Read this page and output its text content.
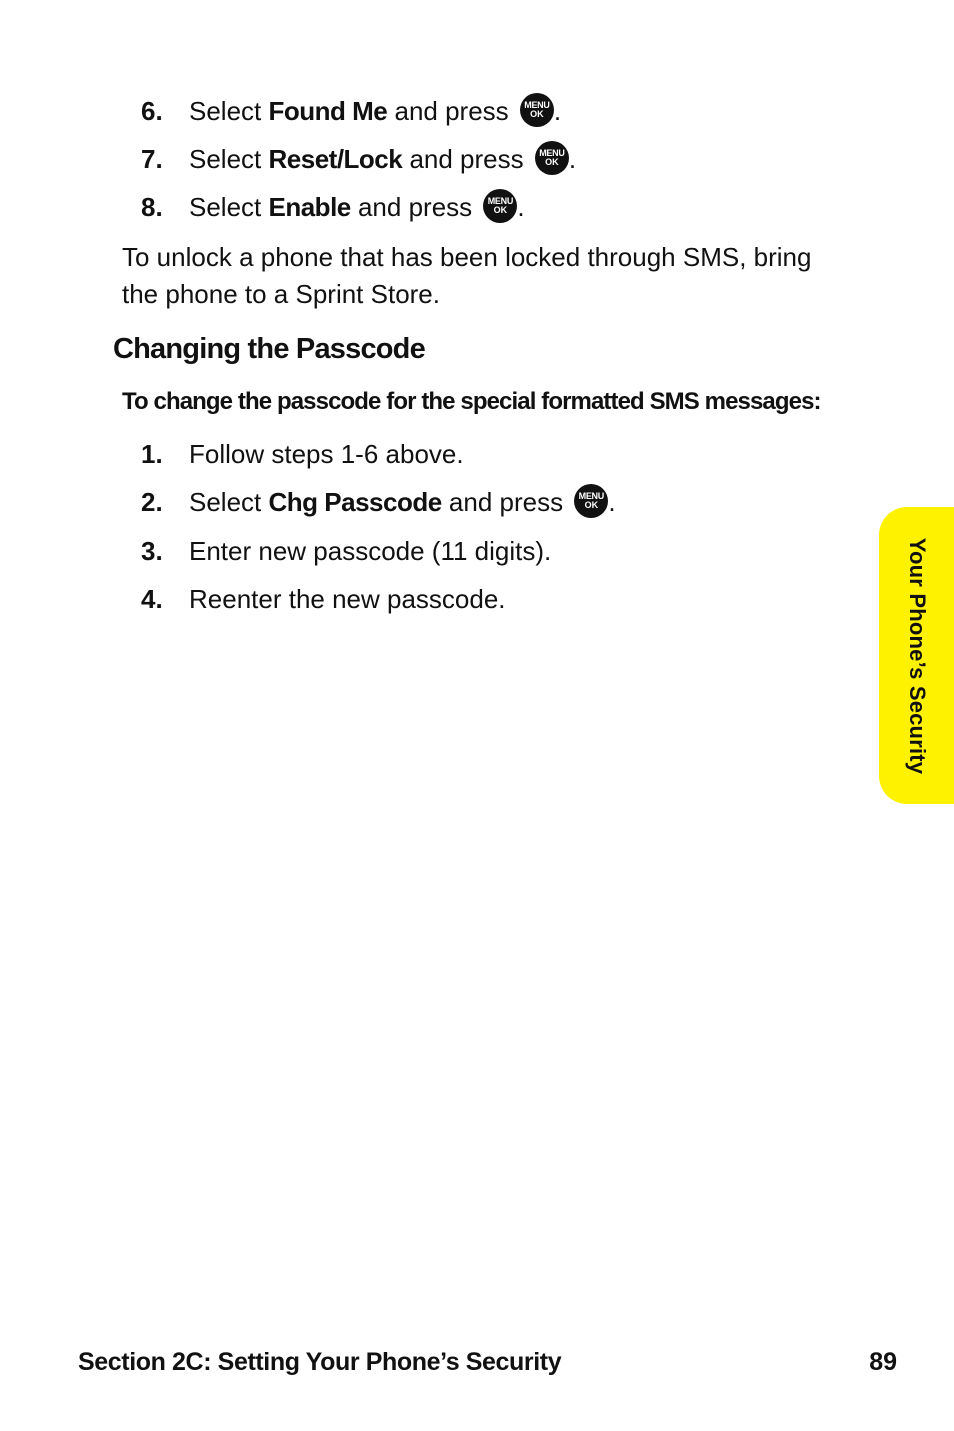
6. Select Found Me and press MENU
OK .
7. Select Reset/Lock and press MENU
OK .
8. Select Enable and press MENU
OK .
To unlock a phone that has been locked through SMS, bring the phone to a Sprint Store.
Changing the Passcode
To change the passcode for the special formatted SMS messages:
1. Follow steps 1-6 above.
2. Select Chg Passcode and press MENU
OK .
3. Enter new passcode (11 digits).
4. Reenter the new passcode.	Your Phone’s Security
Section 2C: Setting Your Phone’s Security	89
